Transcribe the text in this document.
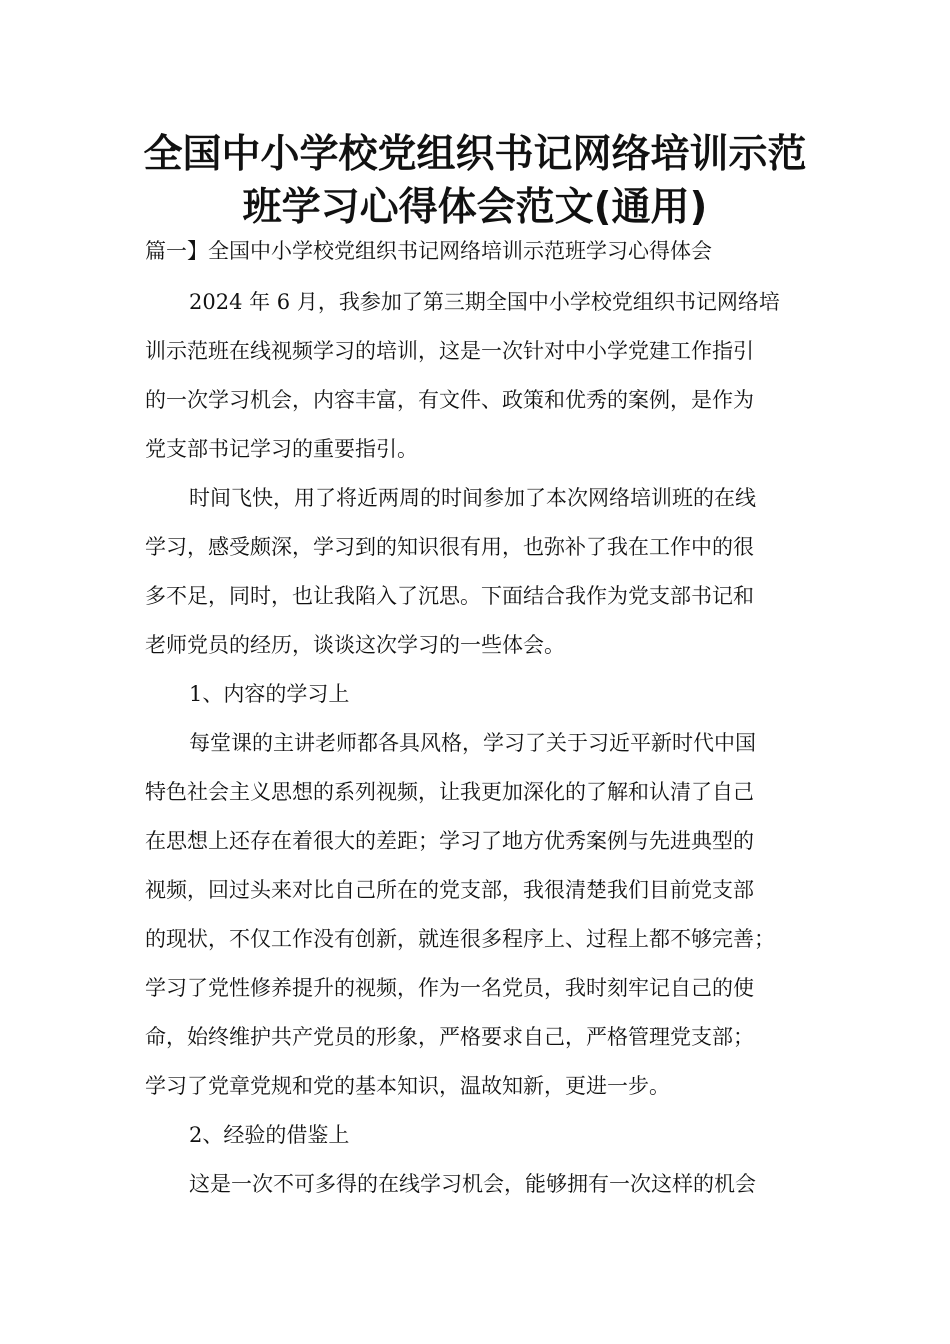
全国中小学校党组织书记网络培训示范
班学习心得体会范文(通用)

篇一】全国中小学校党组织书记网络培训示范班学习心得体会

2024 年 6 月，我参加了第三期全国中小学校党组织书记网络培
训示范班在线视频学习的培训，这是一次针对中小学党建工作指引
的一次学习机会，内容丰富，有文件、政策和优秀的案例，是作为
党支部书记学习的重要指引。

时间飞快，用了将近两周的时间参加了本次网络培训班的在线
学习，感受颇深，学习到的知识很有用，也弥补了我在工作中的很
多不足，同时，也让我陷入了沉思。下面结合我作为党支部书记和
老师党员的经历，谈谈这次学习的一些体会。

1、内容的学习上

每堂课的主讲老师都各具风格，学习了关于习近平新时代中国
特色社会主义思想的系列视频，让我更加深化的了解和认清了自己
在思想上还存在着很大的差距；学习了地方优秀案例与先进典型的
视频，回过头来对比自己所在的党支部，我很清楚我们目前党支部
的现状，不仅工作没有创新，就连很多程序上、过程上都不够完善；
学习了党性修养提升的视频，作为一名党员，我时刻牢记自己的使
命，始终维护共产党员的形象，严格要求自己，严格管理党支部；
学习了党章党规和党的基本知识，温故知新，更进一步。

2、经验的借鉴上

这是一次不可多得的在线学习机会，能够拥有一次这样的机会
